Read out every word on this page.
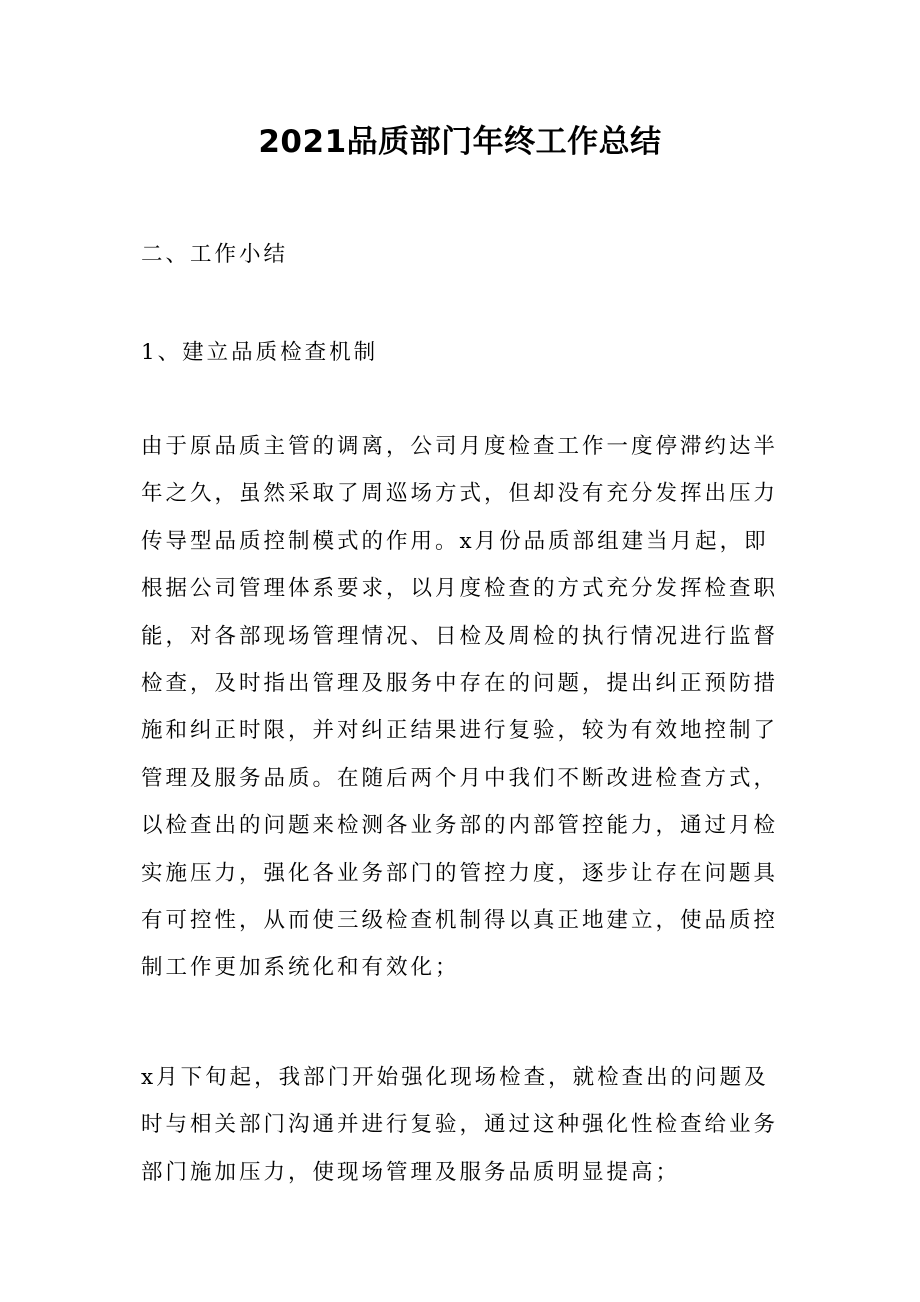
2021品质部门年终工作总结

二、工作小结

1、建立品质检查机制

由于原品质主管的调离，公司月度检查工作一度停滞约达半
年之久，虽然采取了周巡场方式，但却没有充分发挥出压力
传导型品质控制模式的作用。x月份品质部组建当月起，即
根据公司管理体系要求，以月度检查的方式充分发挥检查职
能，对各部现场管理情况、日检及周检的执行情况进行监督
检查，及时指出管理及服务中存在的问题，提出纠正预防措
施和纠正时限，并对纠正结果进行复验，较为有效地控制了
管理及服务品质。在随后两个月中我们不断改进检查方式，
以检查出的问题来检测各业务部的内部管控能力，通过月检
实施压力，强化各业务部门的管控力度，逐步让存在问题具
有可控性，从而使三级检查机制得以真正地建立，使品质控
制工作更加系统化和有效化；
x月下旬起，我部门开始强化现场检查，就检查出的问题及
时与相关部门沟通并进行复验，通过这种强化性检查给业务
部门施加压力，使现场管理及服务品质明显提高；
